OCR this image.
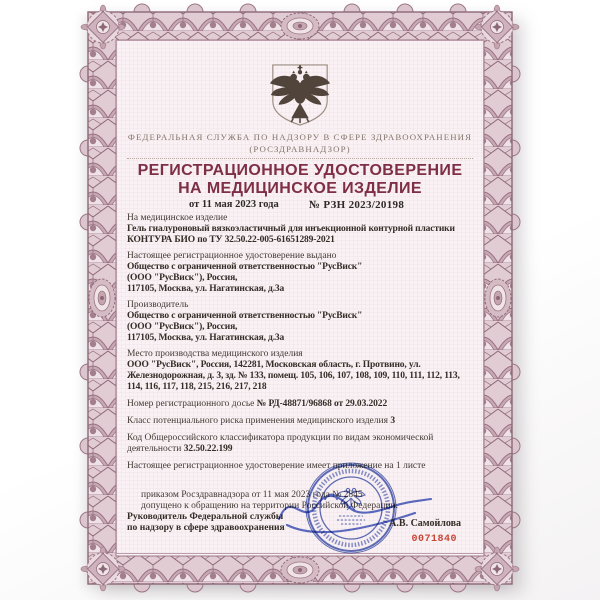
ФЕДЕРАЛЬНАЯ СЛУЖБА ПО НАДЗОРУ В СФЕРЕ ЗДРАВООХРАНЕНИЯ
(РОСЗДРАВНАДЗОР)
РЕГИСТРАЦИОННОЕ УДОСТОВЕРЕНИЕ
НА МЕДИЦИНСКОЕ ИЗДЕЛИЕ
от 11 мая 2023 года	№ РЗН 2023/20198

На медицинское изделие
Гель гиалуроновый вязкоэластичный для инъекционной контурной пластики
КОНТУРА БИО по ТУ 32.50.22-005-61651289-2021

Настоящее регистрационное удостоверение выдано
Общество с ограниченной ответственностью "РусВиск"
(ООО "РусВиск"), Россия,
117105, Москва, ул. Нагатинская, д.3а

Производитель
Общество с ограниченной ответственностью "РусВиск"
(ООО "РусВиск"), Россия,
117105, Москва, ул. Нагатинская, д.3а

Место производства медицинского изделия
ООО "РусВиск", Россия, 142281, Московская область, г. Протвино, ул. Железнодорожная, д. 3, зд. № 133, помещ. 105, 106, 107, 108, 109, 110, 111, 112, 113, 114, 116, 117, 118, 215, 216, 217, 218

Номер регистрационного досье № РД-48871/96868 от 29.03.2022

Класс потенциального риска применения медицинского изделия 3

Код Общероссийского классификатора продукции по видам экономической деятельности 32.50.22.199

Настоящее регистрационное удостоверение имеет приложение на 1 листе

приказом Росздравнадзора от 11 мая 2023 года № 2845
допущено к обращению на территории Российской Федерации.
Руководитель Федеральной службы
по надзору в сфере здравоохранения	А.В. Самойлова
0071840
